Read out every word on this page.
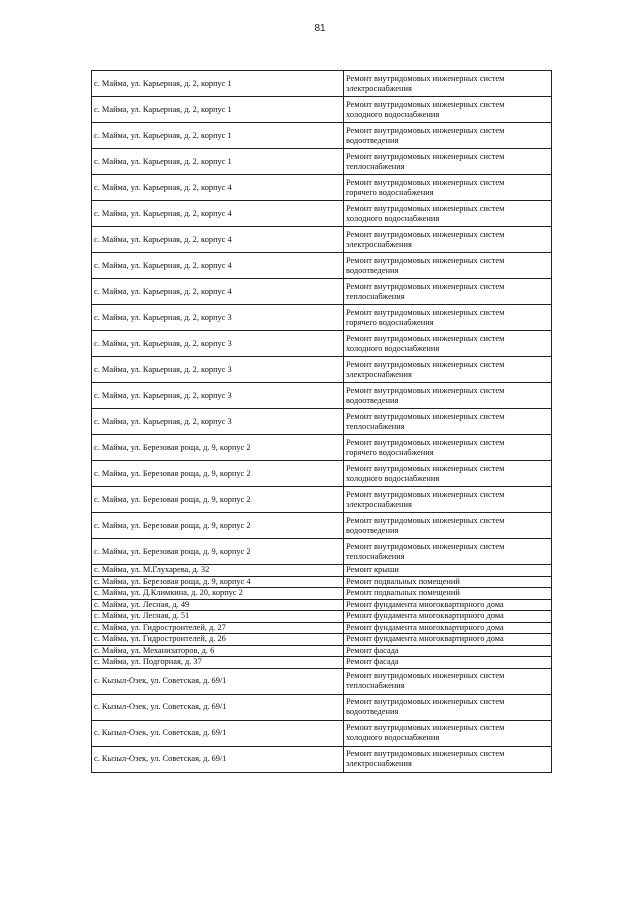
81
с. Майма, ул. Карьерная, д. 2, корпус 1	Ремонт внутридомовых инженерных систем
электроснабжения

с. Майма, ул. Карьерная, д. 2, корпус 1	Ремонт внутридомовых инженерных систем
холодного водоснабжения

с. Майма, ул. Карьерная, д. 2, корпус 1	Ремонт внутридомовых инженерных систем
водоотведения

с. Майма, ул. Карьерная, д. 2, корпус 1	Ремонт внутридомовых инженерных систем
теплоснабжения

с. Майма, ул. Карьерная, д. 2, корпус 4	Ремонт внутридомовых инженерных систем
горячего водоснабжения

с. Майма, ул. Карьерная, д. 2, корпус 4	Ремонт внутридомовых инженерных систем
холодного водоснабжения

с. Майма, ул. Карьерная, д. 2, корпус 4	Ремонт внутридомовых инженерных систем
электроснабжения

с. Майма, ул. Карьерная, д. 2, корпус 4	Ремонт внутридомовых инженерных систем
водоотведения

с. Майма, ул. Карьерная, д. 2, корпус 4	Ремонт внутридомовых инженерных систем
теплоснабжения

с. Майма, ул. Карьерная, д. 2, корпус 3	Ремонт внутридомовых инженерных систем
горячего водоснабжения

с. Майма, ул. Карьерная, д. 2, корпус 3	Ремонт внутридомовых инженерных систем
холодного водоснабжения

с. Майма, ул. Карьерная, д. 2, корпус 3	Ремонт внутридомовых инженерных систем
электроснабжения

с. Майма, ул. Карьерная, д. 2, корпус 3	Ремонт внутридомовых инженерных систем
водоотведения

с. Майма, ул. Карьерная, д. 2, корпус 3	Ремонт внутридомовых инженерных систем
теплоснабжения

с. Майма, ул. Березовая роща, д. 9, корпус 2	Ремонт внутридомовых инженерных систем
горячего водоснабжения

с. Майма, ул. Березовая роща, д. 9, корпус 2	Ремонт внутридомовых инженерных систем
холодного водоснабжения

с. Майма, ул. Березовая роща, д. 9, корпус 2	Ремонт внутридомовых инженерных систем
электроснабжения

с. Майма, ул. Березовая роща, д. 9, корпус 2	Ремонт внутридомовых инженерных систем
водоотведения

с. Майма, ул. Березовая роща, д. 9, корпус 2	Ремонт внутридомовых инженерных систем
теплоснабжения

с. Майма, ул. М.Глухарева, д. 32	Ремонт крыши

с. Майма, ул. Березовая роща, д. 9, корпус 4	Ремонт подвальных помещений

с. Майма, ул. Д.Климкина, д. 20, корпус 2	Ремонт подвальных помещений

с. Майма, ул. Лесная, д. 49	Ремонт фундамента многоквартирного дома

с. Майма, ул. Лесная, д. 51	Ремонт фундамента многоквартирного дома

с. Майма, ул. Гидростроителей, д. 27	Ремонт фундамента многоквартирного дома

с. Майма, ул. Гидростроителей, д. 26	Ремонт фундамента многоквартирного дома

с. Майма, ул. Механизаторов, д. 6	Ремонт фасада

с. Майма, ул. Подгорная, д. 37	Ремонт фасада

с. Кызыл-Озек, ул. Советская, д. 69/1	Ремонт внутридомовых инженерных систем
теплоснабжения

с. Кызыл-Озек, ул. Советская, д. 69/1	Ремонт внутридомовых инженерных систем
водоотведения

с. Кызыл-Озек, ул. Советская, д. 69/1	Ремонт внутридомовых инженерных систем
холодного водоснабжения

с. Кызыл-Озек, ул. Советская, д. 69/1	Ремонт внутридомовых инженерных систем
электроснабжения
